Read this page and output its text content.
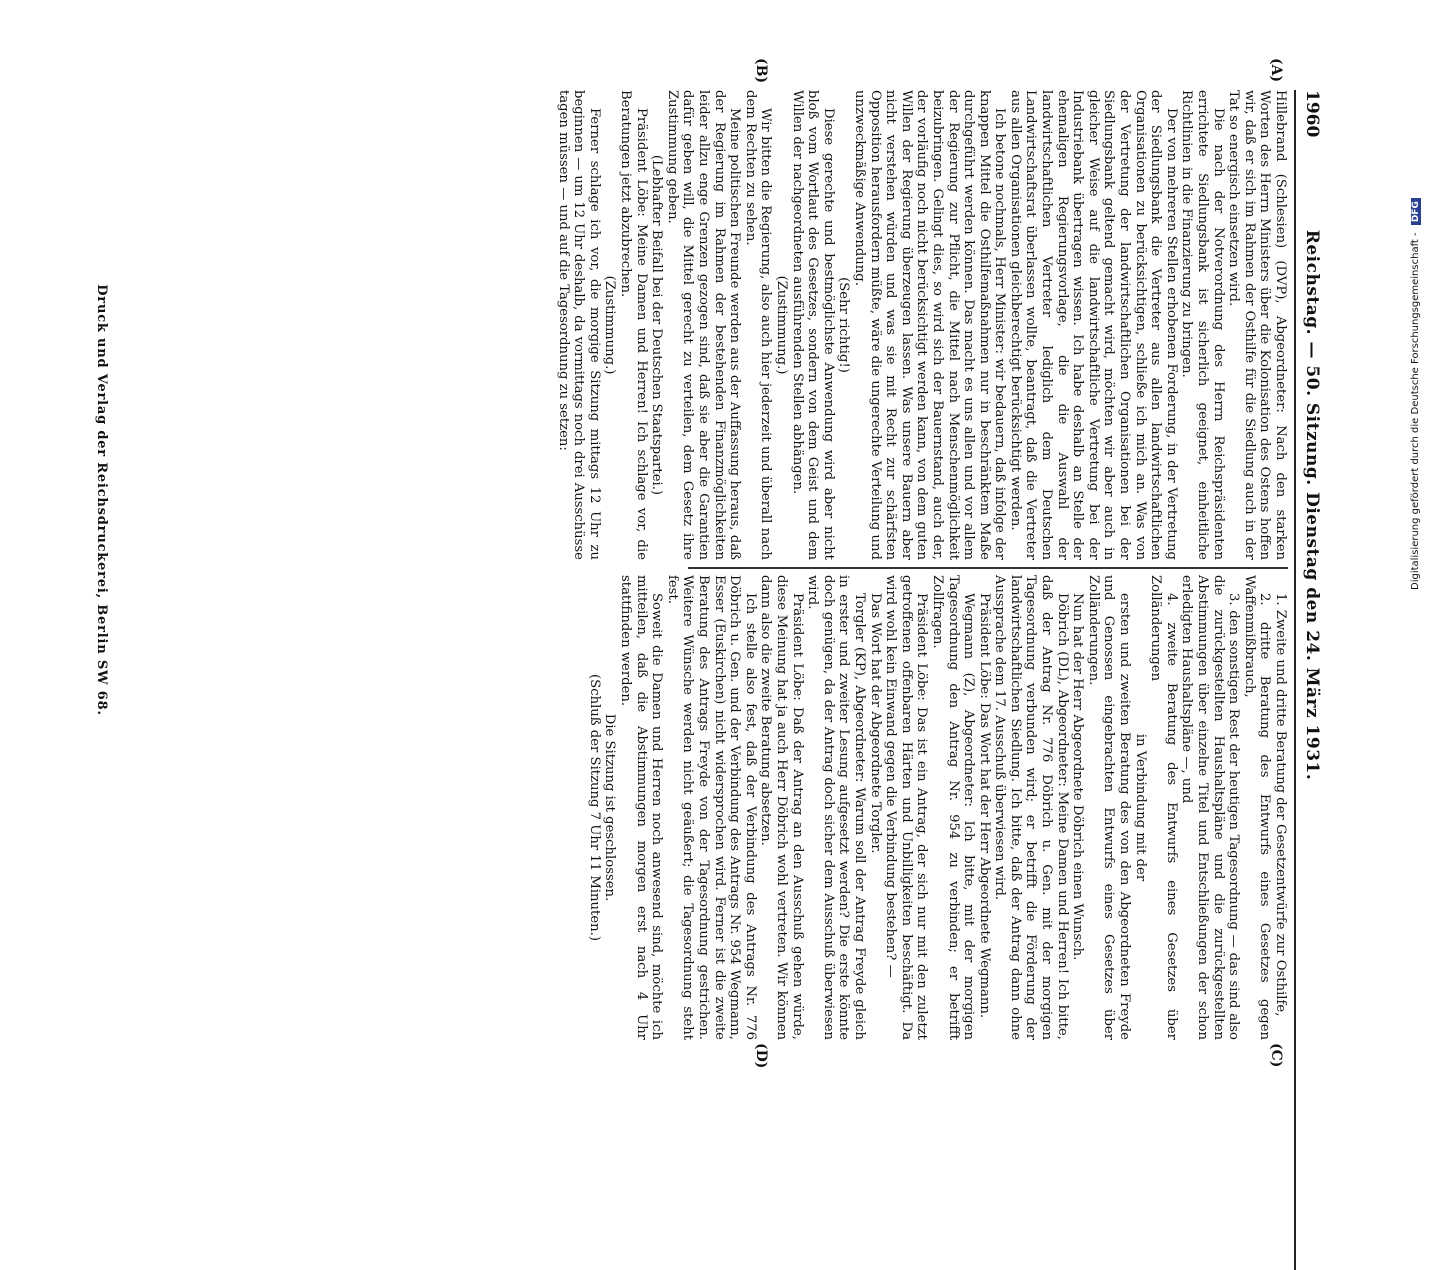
1960
Reichstag. — 50. Sitzung. Dienstag den 24. März 1931.
(A)
(B)
(C)
(D)

Hillebrand (Schlesien) (DVP), Abgeordneter: Nach den starken Worten des Herrn Ministers über die Kolonisation des Ostens hoffen wir, daß er sich im Rahmen der Osthilfe für die Siedlung auch in der Tat so energisch einsetzen wird.

Die nach der Notverordnung des Herrn Reichspräsidenten errichtete Siedlungsbank ist sicherlich geeignet, einheitliche Richtlinien in die Finanzierung zu bringen.

Der von mehreren Stellen erhobenen Forderung, in der Vertretung der Siedlungsbank die Vertreter aus allen landwirtschaftlichen Organisationen zu berücksichtigen, schließe ich mich an. Was von der Vertretung der landwirtschaftlichen Organisationen bei der Siedlungsbank geltend gemacht wird, möchten wir aber auch in gleicher Weise auf die landwirtschaftliche Vertretung bei der Industriebank übertragen wissen. Ich habe deshalb an Stelle der ehemaligen Regierungsvorlage, die die Auswahl der landwirtschaftlichen Vertreter lediglich dem Deutschen Landwirtschaftsrat überlassen wollte, beantragt, daß die Vertreter aus allen Organisationen gleichberechtigt berücksichtigt werden.

Ich betone nochmals, Herr Minister: wir bedauern, daß infolge der knappen Mittel die Osthilfemaßnahmen nur in beschränktem Maße durchgeführt werden können. Das macht es uns allen und vor allem der Regierung zur Pflicht, die Mittel nach Menschenmöglichkeit beizubringen. Gelingt dies, so wird sich der Bauernstand, auch der, der vorläufig noch nicht berücksichtigt werden kann, von dem guten Willen der Regierung überzeugen lassen. Was unsere Bauern aber nicht verstehen würden und was sie mit Recht zur schärfsten Opposition herausfordern müßte, wäre die ungerechte Verteilung und unzweckmäßige Anwendung.

(Sehr richtig!)

Diese gerechte und bestmöglichste Anwendung wird aber nicht bloß vom Wortlaut des Gesetzes, sondern von dem Geist und dem Willen der nachgeordneten ausführenden Stellen abhängen.

(Zustimmung.)

Wir bitten die Regierung, also auch hier jederzeit und überall nach dem Rechten zu sehen.

Meine politischen Freunde werden aus der Auffassung heraus, daß der Regierung im Rahmen der bestehenden Finanzmöglichkeiten leider allzu enge Grenzen gezogen sind, daß sie aber die Garantien dafür geben will, die Mittel gerecht zu verteilen, dem Gesetz ihre Zustimmung geben.

(Lebhafter Beifall bei der Deutschen Staatspartei.)

Präsident Löbe: Meine Damen und Herren! Ich schlage vor, die Beratungen jetzt abzubrechen.

(Zustimmung.)

Ferner schlage ich vor, die morgige Sitzung mittags 12 Uhr zu beginnen — um 12 Uhr deshalb, da vormittags noch drei Ausschüsse tagen müssen — und auf die Tagesordnung zu setzen:

1. Zweite und dritte Beratung der Gesetzentwürfe zur Osthilfe,

2. dritte Beratung des Entwurfs eines Gesetzes gegen Waffenmißbrauch,

3. den sonstigen Rest der heutigen Tagesordnung — das sind also die zurückgestellten Haushaltspläne und die zurückgestellten Abstimmungen über einzelne Titel und Entschließungen der schon erledigten Haushaltspläne —, und

4. zweite Beratung des Entwurfs eines Gesetzes über Zolländerungen

in Verbindung mit der

ersten und zweiten Beratung des von den Abgeordneten Freyde und Genossen eingebrachten Entwurfs eines Gesetzes über Zolländerungen.

Nun hat der Herr Abgeordnete Döbrich einen Wunsch.

Döbrich (DL), Abgeordneter: Meine Damen und Herren! Ich bitte, daß der Antrag Nr. 776 Döbrich u. Gen. mit der morgigen Tagesordnung verbunden wird; er betrifft die Förderung der landwirtschaftlichen Siedlung. Ich bitte, daß der Antrag dann ohne Aussprache dem 17. Ausschuß überwiesen wird.

Präsident Löbe: Das Wort hat der Herr Abgeordnete Wegmann.

Wegmann (Z), Abgeordneter: Ich bitte, mit der morgigen Tagesordnung den Antrag Nr. 954 zu verbinden; er betrifft Zollfragen.

Präsident Löbe: Das ist ein Antrag, der sich nur mit den zuletzt getroffenen offenbaren Härten und Unbilligkeiten beschäftigt. Da wird wohl kein Einwand gegen die Verbindung bestehen? —

Das Wort hat der Abgeordnete Torgler.

Torgler (KP), Abgeordneter: Warum soll der Antrag Freyde gleich in erster und zweiter Lesung aufgesetzt werden? Die erste könnte doch genügen, da der Antrag doch sicher dem Ausschuß überwiesen wird.

Präsident Löbe: Daß der Antrag an den Ausschuß gehen würde, diese Meinung hat ja auch Herr Döbrich wohl vertreten. Wir können dann also die zweite Beratung absetzen.

Ich stelle also fest, daß der Verbindung des Antrags Nr. 776 Döbrich u. Gen. und der Verbindung des Antrags Nr. 954 Wegmann, Esser (Euskirchen) nicht widersprochen wird. Ferner ist die zweite Beratung des Antrags Freyde von der Tagesordnung gestrichen. Weitere Wünsche werden nicht geäußert; die Tagesordnung steht fest.

Soweit die Damen und Herren noch anwesend sind, möchte ich mitteilen, daß die Abstimmungen morgen erst nach 4 Uhr stattfinden werden.

Die Sitzung ist geschlossen.

(Schluß der Sitzung 7 Uhr 11 Minuten.)

Druck und Verlag der Reichsdruckerei, Berlin SW 68.	Digitalisierung gefördert durch die Deutsche Forschungsgemeinschaft - DFG
